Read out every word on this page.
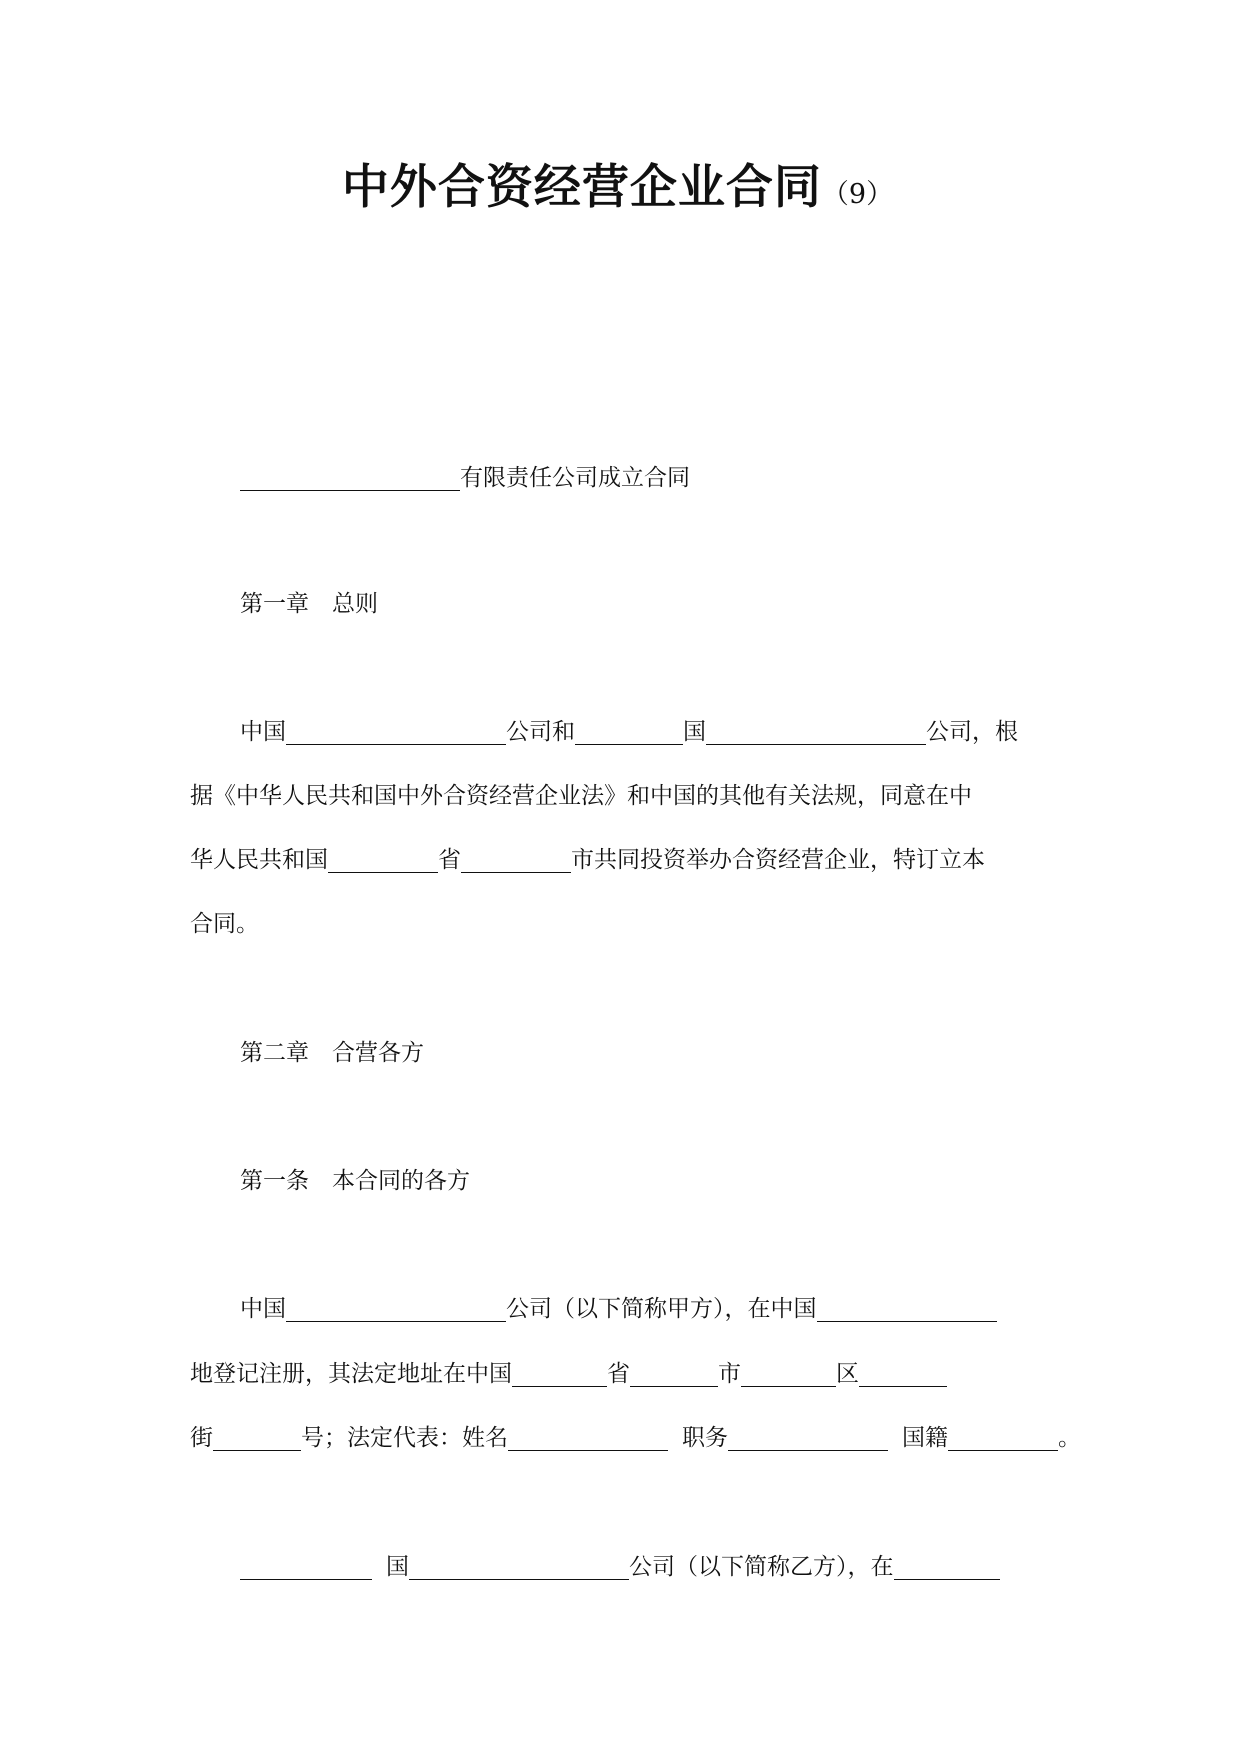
中外合资经营企业合同（9）
有限责任公司成立合同
第一章　总则
中国	公司和	国	公司，根
据《中华人民共和国中外合资经营企业法》和中国的其他有关法规，同意在中
华人民共和国	省	市共同投资举办合资经营企业，特订立本
合同。
第二章　合营各方
第一条　本合同的各方
中国	公司（以下简称甲方），在中国
地登记注册，其法定地址在中国	省	市	区
街	号；法定代表：姓名	职务	国籍	。
国	公司（以下简称乙方），在
